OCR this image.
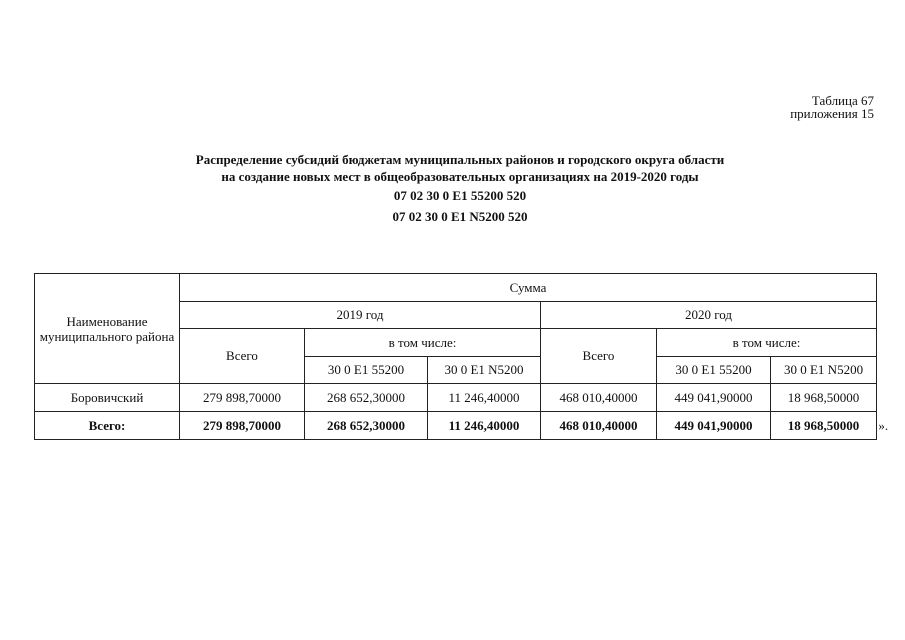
Таблица 67
приложения 15
Распределение субсидий бюджетам муниципальных районов и городского округа области
на создание новых мест в общеобразовательных организациях на 2019-2020 годы
07 02 30 0 E1 55200 520
07 02 30 0 E1 N5200 520
Наименование муниципального района	Сумма					
	2019 год			2020 год		
	Всего	в том числе:		Всего	в том числе:	
		30 0 E1 55200	30 0 E1 N5200		30 0 E1 55200	30 0 E1 N5200
Боровичский	279 898,70000	268 652,30000	11 246,40000	468 010,40000	449 041,90000	18 968,50000
Всего:	279 898,70000	268 652,30000	11 246,40000	468 010,40000	449 041,90000	18 968,50000 ».
